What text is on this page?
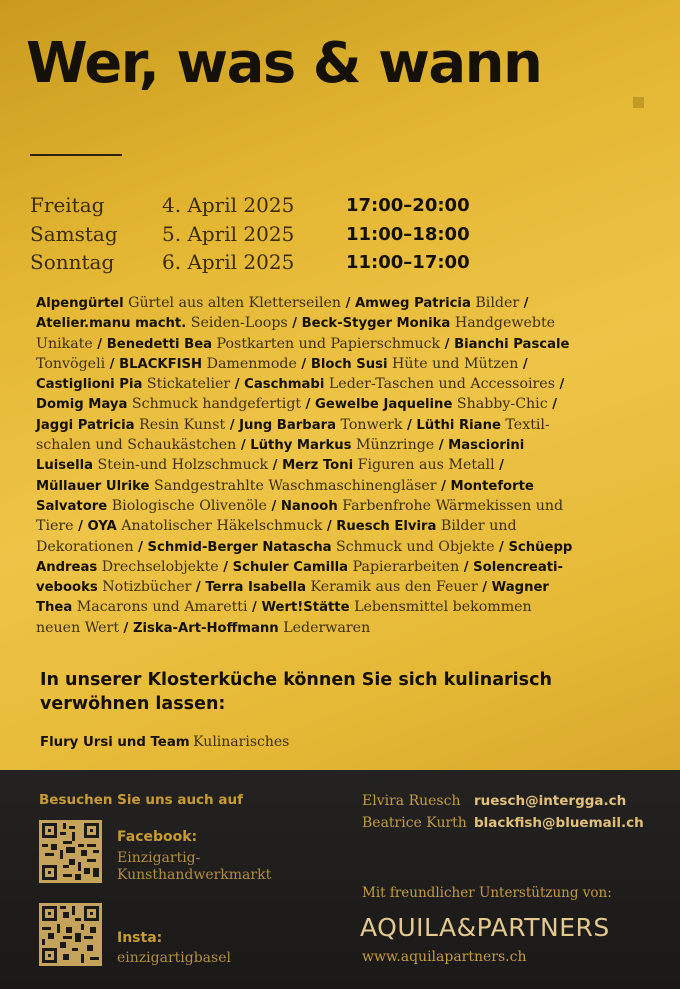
Wer, was & wann
Freitag	4. April 2025	17:00–20:00
Samstag 5. April 2025	11:00–18:00
Sonntag 6. April 2025	11:00–17:00
Alpengürtel Gürtel aus alten Kletterseilen / Amweg Patricia Bilder /
Atelier.manu macht. Seiden-Loops / Beck-Styger Monika Handgewebte
Unikate / Benedetti Bea Postkarten und Papierschmuck / Bianchi Pascale
Tonvögeli / BLACKFISH Damenmode / Bloch Susi Hüte und Mützen /
Castiglioni Pia Stickatelier / Caschmabi Leder-Taschen und Accessoires /
Domig Maya Schmuck handgefertigt / Gewelbe Jaqueline Shabby-Chic /
Jaggi Patricia Resin Kunst / Jung Barbara Tonwerk / Lüthi Riane Textil-
schalen und Schaukästchen / Lüthy Markus Münzringe / Masciorini
Luisella Stein-und Holzschmuck / Merz Toni Figuren aus Metall /
Müllauer Ulrike Sandgestrahlte Waschmaschinengläser / Monteforte
Salvatore Biologische Olivenöle / Nanooh Farbenfrohe Wärmekissen und
Tiere / OYA Anatolischer Häkelschmuck / Ruesch Elvira Bilder und
Dekorationen / Schmid-Berger Natascha Schmuck und Objekte / Schüepp
Andreas Drechselobjekte / Schuler Camilla Papierarbeiten / Solencreati-
vebooks Notizbücher / Terra Isabella Keramik aus den Feuer / Wagner
Thea Macarons und Amaretti / Wert!Stätte Lebensmittel bekommen
neuen Wert / Ziska-Art-Hoffmann Lederwaren
In unserer Klosterküche können Sie sich kulinarisch verwöhnen lassen:
Flury Ursi und Team Kulinarisches
Besuchen Sie uns auch auf
Facebook:
Einzigartig-
Kunsthandwerkmarkt
Insta:
einzigartigbasel
Elvira Ruesch ruesch@intergga.ch
Beatrice Kurth blackfish@bluemail.ch
Mit freundlicher Unterstützung von:
AQUILA&PARTNERS
www.aquilapartners.ch
